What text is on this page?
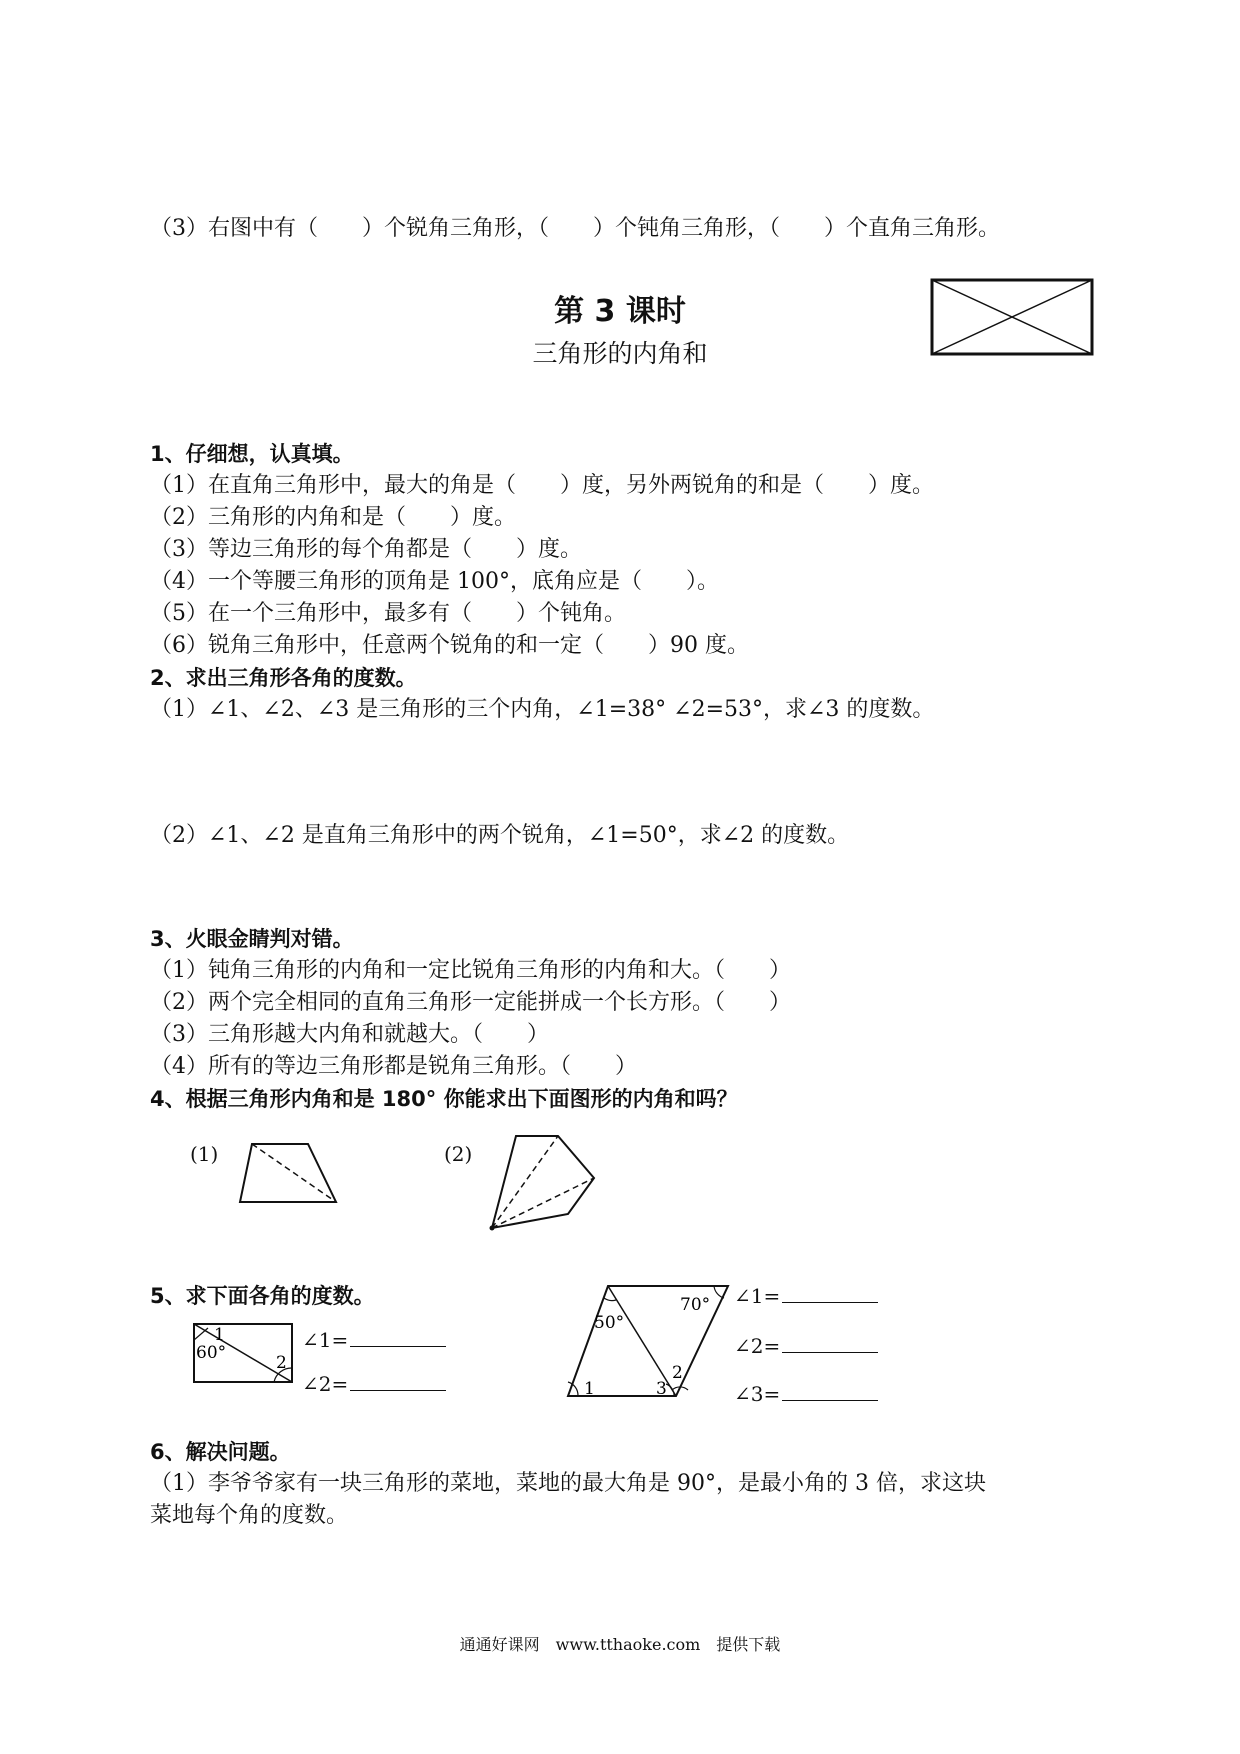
（3）右图中有（　　）个锐角三角形，（　　）个钝角三角形，（　　）个直角三角形。
第 3 课时
三角形的内角和
1、仔细想，认真填。
（1）在直角三角形中，最大的角是（　　）度，另外两锐角的和是（　　）度。
（2）三角形的内角和是（　　）度。
（3）等边三角形的每个角都是（　　）度。
（4）一个等腰三角形的顶角是 100°，底角应是（　　）。
（5）在一个三角形中，最多有（　　）个钝角。
（6）锐角三角形中，任意两个锐角的和一定（　　）90 度。
2、求出三角形各角的度数。
（1）∠1、∠2、∠3 是三角形的三个内角，∠1=38° ∠2=53°，求∠3 的度数。
（2）∠1、∠2 是直角三角形中的两个锐角，∠1=50°，求∠2 的度数。
3、火眼金睛判对错。
（1）钝角三角形的内角和一定比锐角三角形的内角和大。（　　）
（2）两个完全相同的直角三角形一定能拼成一个长方形。（　　）
（3）三角形越大内角和就越大。（　　）
（4）所有的等边三角形都是锐角三角形。（　　）
4、根据三角形内角和是 180° 你能求出下面图形的内角和吗？
(1)	(2)
5、求下面各角的度数。
1
60°	2
∠1=
∠2=
50°
70°
1	3
2
∠1=
∠2=
∠3=
6、解决问题。
（1）李爷爷家有一块三角形的菜地，菜地的最大角是 90°，是最小角的 3 倍，求这块
菜地每个角的度数。
通通好课网　www.tthaoke.com　提供下载
